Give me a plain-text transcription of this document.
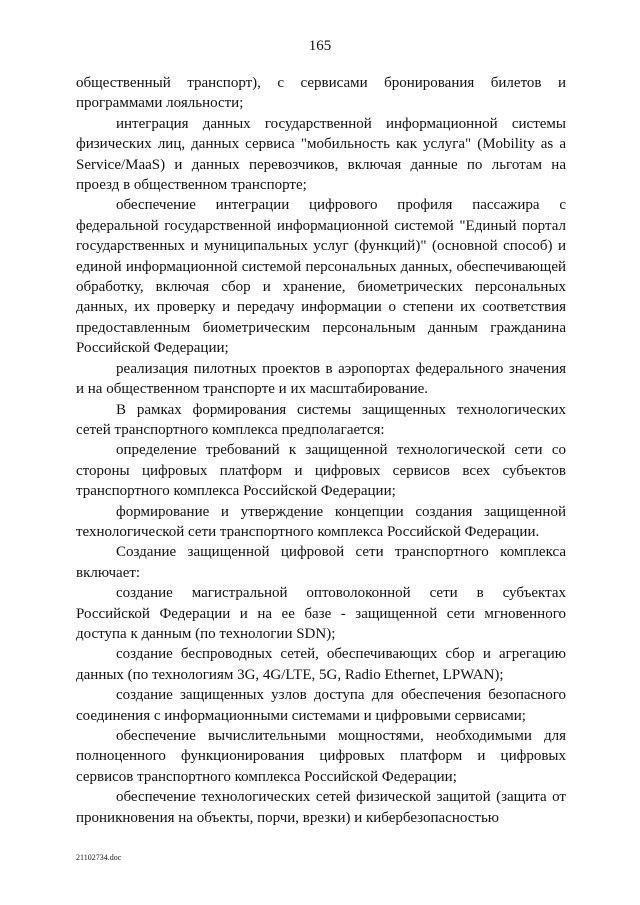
165

общественный транспорт), с сервисами бронирования билетов и программами лояльности;

интеграция данных государственной информационной системы физических лиц, данных сервиса "мобильность как услуга" (Mobility as a Service/MaaS) и данных перевозчиков, включая данные по льготам на проезд в общественном транспорте;

обеспечение интеграции цифрового профиля пассажира с федеральной государственной информационной системой "Единый портал государственных и муниципальных услуг (функций)" (основной способ) и единой информационной системой персональных данных, обеспечивающей обработку, включая сбор и хранение, биометрических персональных данных, их проверку и передачу информации о степени их соответствия предоставленным биометрическим персональным данным гражданина Российской Федерации;

реализация пилотных проектов в аэропортах федерального значения и на общественном транспорте и их масштабирование.

В рамках формирования системы защищенных технологических сетей транспортного комплекса предполагается:

определение требований к защищенной технологической сети со стороны цифровых платформ и цифровых сервисов всех субъектов транспортного комплекса Российской Федерации;

формирование и утверждение концепции создания защищенной технологической сети транспортного комплекса Российской Федерации.

Создание защищенной цифровой сети транспортного комплекса включает:

создание магистральной оптоволоконной сети в субъектах Российской Федерации и на ее базе - защищенной сети мгновенного доступа к данным (по технологии SDN);

создание беспроводных сетей, обеспечивающих сбор и агрегацию данных (по технологиям 3G, 4G/LTE, 5G, Radio Ethernet, LPWAN);

создание защищенных узлов доступа для обеспечения безопасного соединения с информационными системами и цифровыми сервисами;

обеспечение вычислительными мощностями, необходимыми для полноценного функционирования цифровых платформ и цифровых сервисов транспортного комплекса Российской Федерации;

обеспечение технологических сетей физической защитой (защита от проникновения на объекты, порчи, врезки) и кибербезопасностью

21102734.doc
